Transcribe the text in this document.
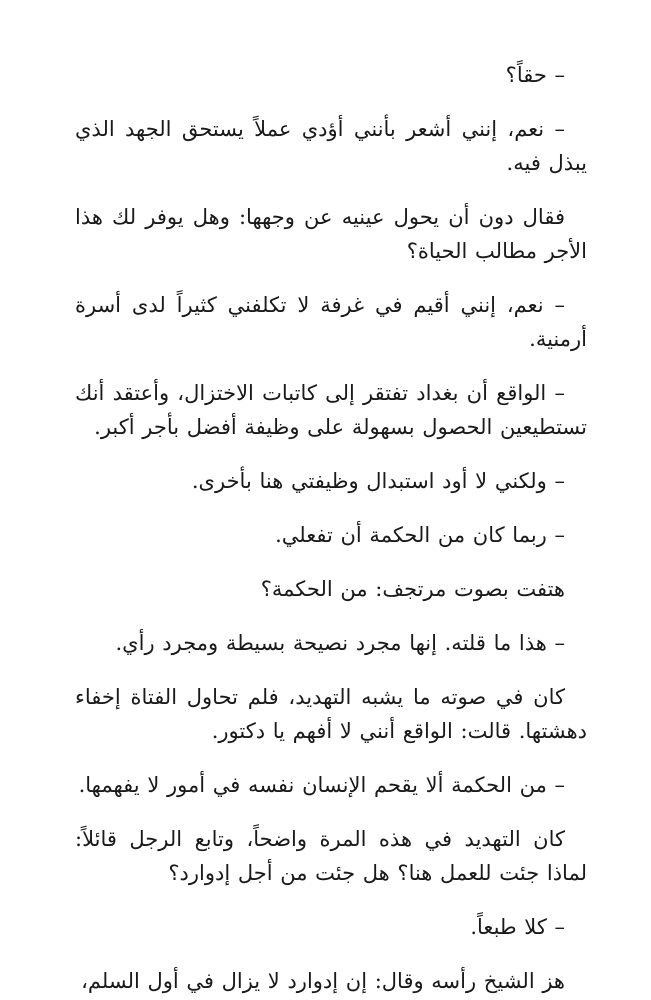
– حقاً؟

– نعم، إنني أشعر بأنني أؤدي عملاً يستحق الجهد الذي يبذل فيه.

فقال دون أن يحول عينيه عن وجهها: وهل يوفر لك هذا الأجر مطالب الحياة؟

– نعم، إنني أقيم في غرفة لا تكلفني كثيراً لدى أسرة أرمنية.

– الواقع أن بغداد تفتقر إلى كاتبات الاختزال، وأعتقد أنك تستطيعين الحصول بسهولة على وظيفة أفضل بأجر أكبر.

– ولكني لا أود استبدال وظيفتي هنا بأخرى.

– ربما كان من الحكمة أن تفعلي.

هتفت بصوت مرتجف: من الحكمة؟

– هذا ما قلته. إنها مجرد نصيحة بسيطة ومجرد رأي.

كان في صوته ما يشبه التهديد، فلم تحاول الفتاة إخفاء دهشتها. قالت: الواقع أنني لا أفهم يا دكتور.

– من الحكمة ألا يقحم الإنسان نفسه في أمور لا يفهمها.

كان التهديد في هذه المرة واضحاً، وتابع الرجل قائلاً: لماذا جئت للعمل هنا؟ هل جئت من أجل إدوارد؟

– كلا طبعاً.

هز الشيخ رأسه وقال: إن إدوارد لا يزال في أول السلم،
